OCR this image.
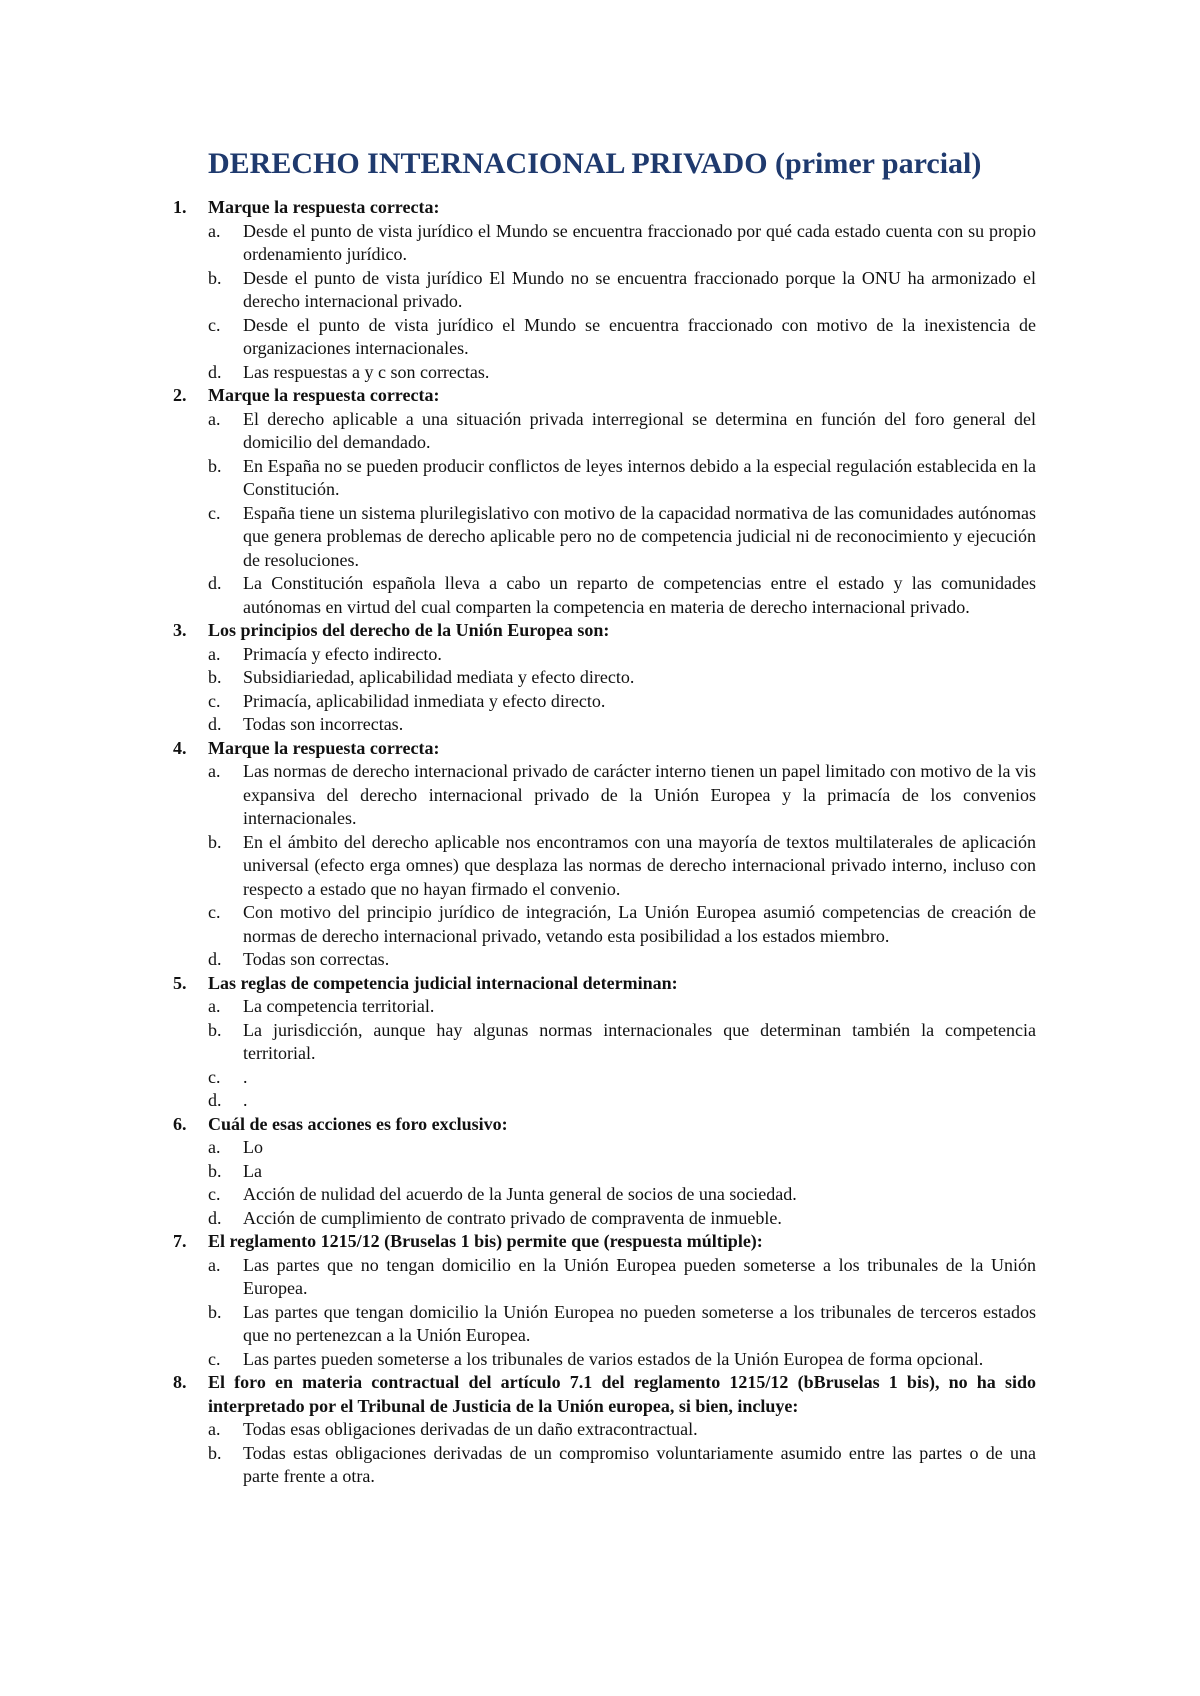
DERECHO INTERNACIONAL PRIVADO (primer parcial)
1.	Marque la respuesta correcta:
a.	Desde el punto de vista jurídico el Mundo se encuentra fraccionado por qué cada estado cuenta con su propio ordenamiento jurídico.
b.	Desde el punto de vista jurídico El Mundo no se encuentra fraccionado porque la ONU ha armonizado el derecho internacional privado.
c.	Desde el punto de vista jurídico el Mundo se encuentra fraccionado con motivo de la inexistencia de organizaciones internacionales.
d.	Las respuestas a y c son correctas.
2.	Marque la respuesta correcta:
a.	El derecho aplicable a una situación privada interregional se determina en función del foro general del domicilio del demandado.
b.	En España no se pueden producir conflictos de leyes internos debido a la especial regulación establecida en la Constitución.
c.	España tiene un sistema plurilegislativo con motivo de la capacidad normativa de las comunidades autónomas que genera problemas de derecho aplicable pero no de competencia judicial ni de reconocimiento y ejecución de resoluciones.
d.	La Constitución española lleva a cabo un reparto de competencias entre el estado y las comunidades autónomas en virtud del cual comparten la competencia en materia de derecho internacional privado.
3.	Los principios del derecho de la Unión Europea son:
a.	Primacía y efecto indirecto.
b.	Subsidiariedad, aplicabilidad mediata y efecto directo.
c.	Primacía, aplicabilidad inmediata y efecto directo.
d.	Todas son incorrectas.
4.	Marque la respuesta correcta:
a.	Las normas de derecho internacional privado de carácter interno tienen un papel limitado con motivo de la vis expansiva del derecho internacional privado de la Unión Europea y la primacía de los convenios internacionales.
b.	En el ámbito del derecho aplicable nos encontramos con una mayoría de textos multilaterales de aplicación universal (efecto erga omnes) que desplaza las normas de derecho internacional privado interno, incluso con respecto a estado que no hayan firmado el convenio.
c.	Con motivo del principio jurídico de integración, La Unión Europea asumió competencias de creación de normas de derecho internacional privado, vetando esta posibilidad a los estados miembro.
d.	Todas son correctas.
5.	Las reglas de competencia judicial internacional determinan:
a.	La competencia territorial.
b.	La jurisdicción, aunque hay algunas normas internacionales que determinan también la competencia territorial.
c.	.
d.	.
6.	Cuál de esas acciones es foro exclusivo:
a.	Lo
b.	La
c.	Acción de nulidad del acuerdo de la Junta general de socios de una sociedad.
d.	Acción de cumplimiento de contrato privado de compraventa de inmueble.
7.	El reglamento 1215/12 (Bruselas 1 bis) permite que (respuesta múltiple):
a.	Las partes que no tengan domicilio en la Unión Europea pueden someterse a los tribunales de la Unión Europea.
b.	Las partes que tengan domicilio la Unión Europea no pueden someterse a los tribunales de terceros estados que no pertenezcan a la Unión Europea.
c.	Las partes pueden someterse a los tribunales de varios estados de la Unión Europea de forma opcional.
8.	El foro en materia contractual del artículo 7.1 del reglamento 1215/12 (bBruselas 1 bis), no ha sido interpretado por el Tribunal de Justicia de la Unión europea, si bien, incluye:
a.	Todas esas obligaciones derivadas de un daño extracontractual.
b.	Todas estas obligaciones derivadas de un compromiso voluntariamente asumido entre las partes o de una parte frente a otra.
